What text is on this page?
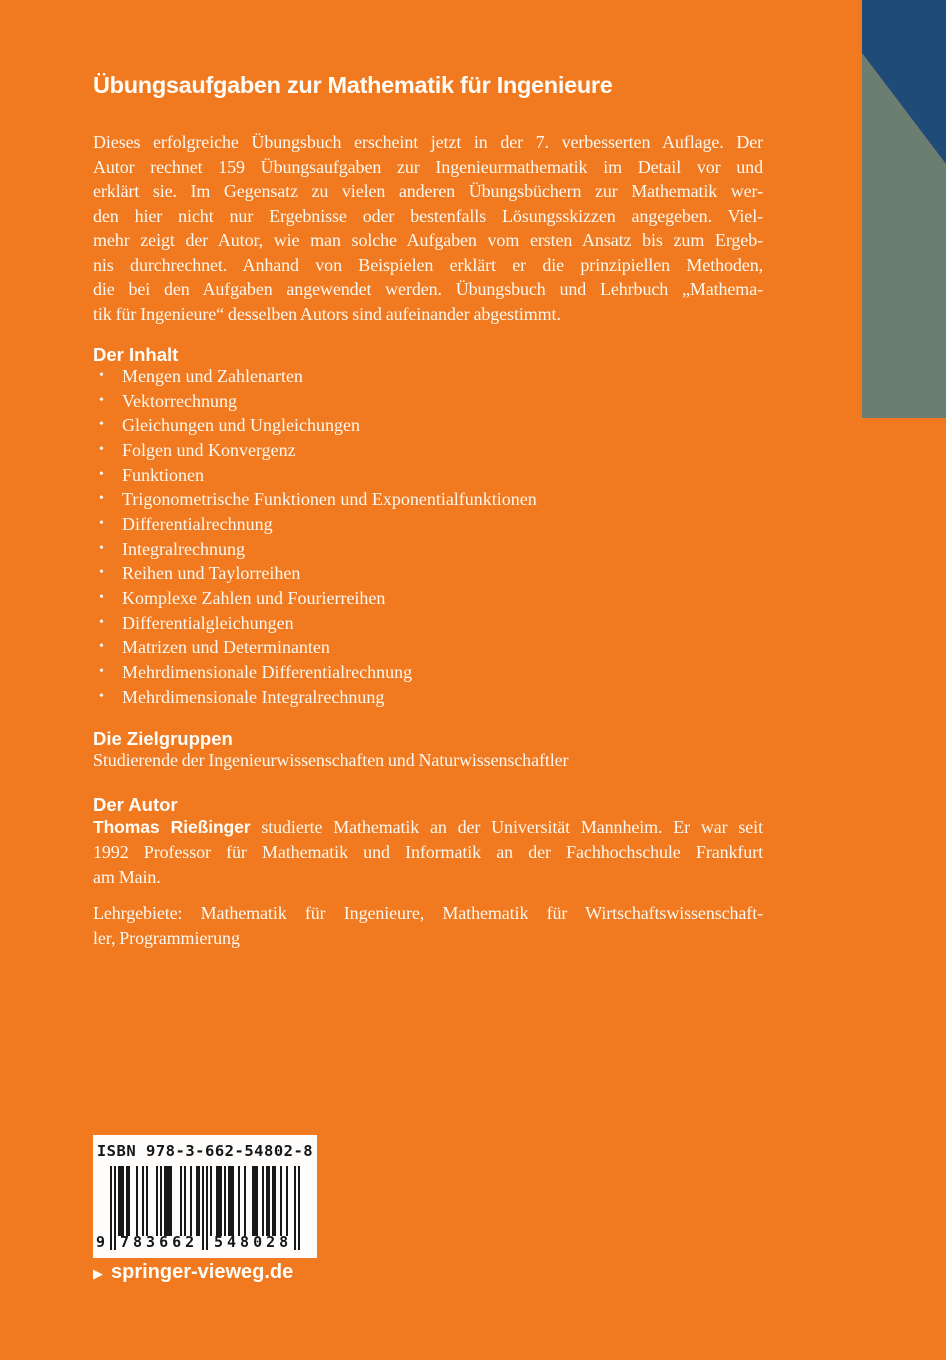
Übungsaufgaben zur Mathematik für Ingenieure
Dieses erfolgreiche Übungsbuch erscheint jetzt in der 7. verbesserten Auflage. Der
Autor rechnet 159 Übungsaufgaben zur Ingenieurmathematik im Detail vor und
erklärt sie. Im Gegensatz zu vielen anderen Übungsbüchern zur Mathematik wer-
den hier nicht nur Ergebnisse oder bestenfalls Lösungsskizzen angegeben. Viel-
mehr zeigt der Autor, wie man solche Aufgaben vom ersten Ansatz bis zum Ergeb-
nis durchrechnet. Anhand von Beispielen erklärt er die prinzipiellen Methoden,
die bei den Aufgaben angewendet werden. Übungsbuch und Lehrbuch „Mathema-
tik für Ingenieure“ desselben Autors sind aufeinander abgestimmt.
Der Inhalt
•	Mengen und Zahlenarten
•	Vektorrechnung
•	Gleichungen und Ungleichungen
•	Folgen und Konvergenz
•	Funktionen
•	Trigonometrische Funktionen und Exponentialfunktionen
•	Differentialrechnung
•	Integralrechnung
•	Reihen und Taylorreihen
•	Komplexe Zahlen und Fourierreihen
•	Differentialgleichungen
•	Matrizen und Determinanten
•	Mehrdimensionale Differentialrechnung
•	Mehrdimensionale Integralrechnung
Die Zielgruppen
Studierende der Ingenieurwissenschaften und Naturwissenschaftler
Der Autor
Thomas Rießinger studierte Mathematik an der Universität Mannheim. Er war seit
1992 Professor für Mathematik und Informatik an der Fachhochschule Frankfurt
am Main.
Lehrgebiete: Mathematik für Ingenieure, Mathematik für Wirtschaftswissenschaft-
ler, Programmierung
ISBN 978-3-662-54802-8
9 783662 548028
▶ springer-vieweg.de
